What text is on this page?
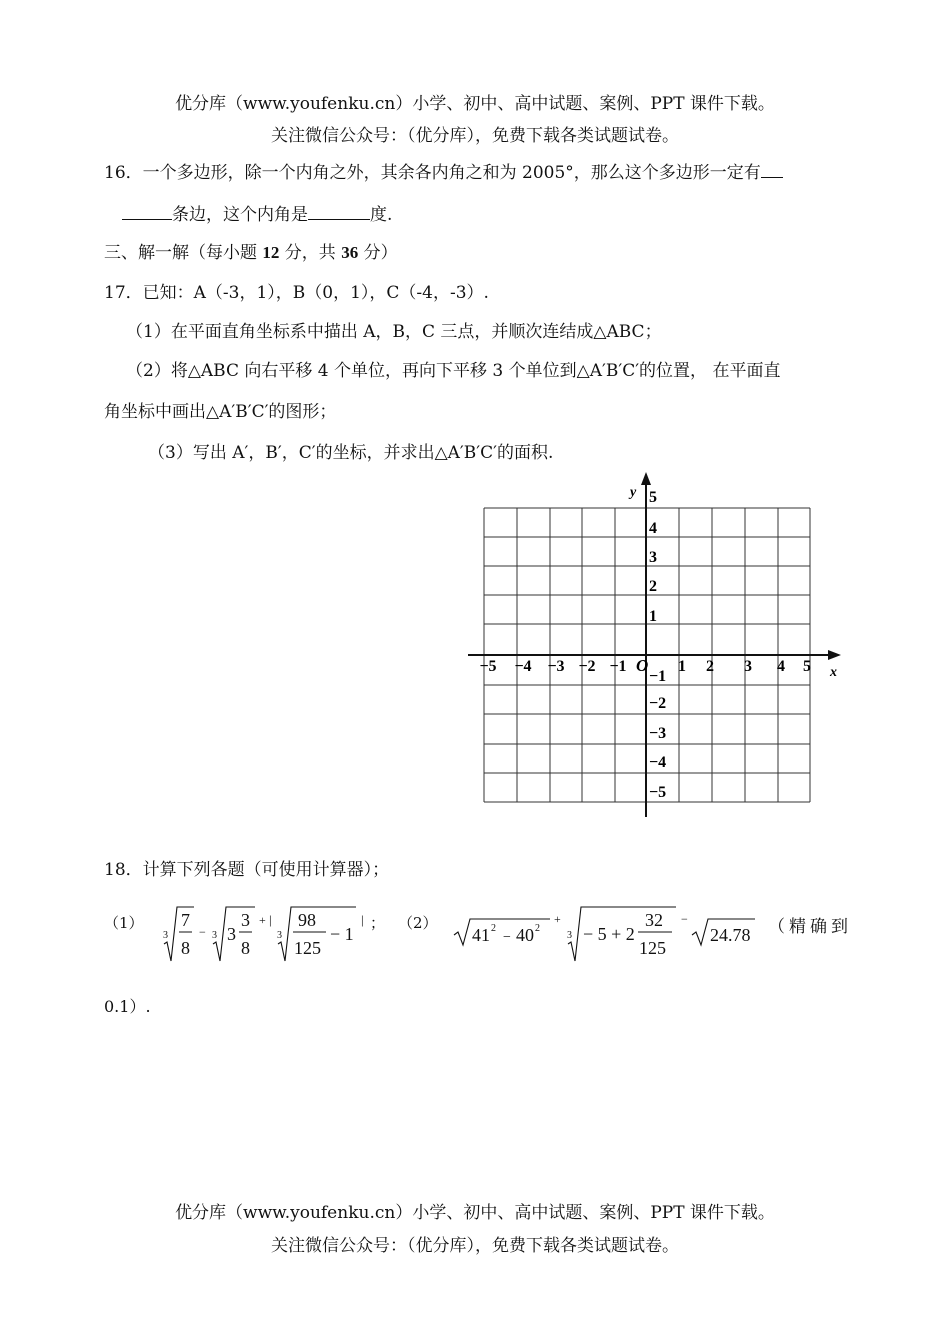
优分库（www.youfenku.cn）小学、初中、高中试题、案例、PPT 课件下载。
关注微信公众号：（优分库），免费下载各类试题试卷。
16．一个多边形，除一个内角之外，其余各内角之和为 2005°，那么这个多边形一定有
条边，这个内角是	度.
三、解一解（每小题 12 分，共 36 分）
17．已知：A（-3，1），B（0，1），C（-4，-3）.
（1）在平面直角坐标系中描出 A，B，C 三点，并顺次连结成△ABC；
（2）将△ABC 向右平移 4 个单位，再向下平移 3 个单位到△A′B′C′的位置， 在平面直
角坐标中画出△A′B′C′的图形；
（3）写出 A′，B′，C′的坐标，并求出△A′B′C′的面积.
x
y
O
−5 −4 −3 −2 −1	1 2 3 4 5
5
4
3
2
1
−1
−2
−3
−4
−5
18．计算下列各题（可使用计算器）；
（1）
3
7
8
− 3 3
3
8
+ |
3
98
125
− 1
| ； （2）
41 2
− 40 2
+
3 − 5 + 2
32
125
−
24.78 （精确到
0.1）.
优分库（www.youfenku.cn）小学、初中、高中试题、案例、PPT 课件下载。
关注微信公众号：（优分库），免费下载各类试题试卷。
